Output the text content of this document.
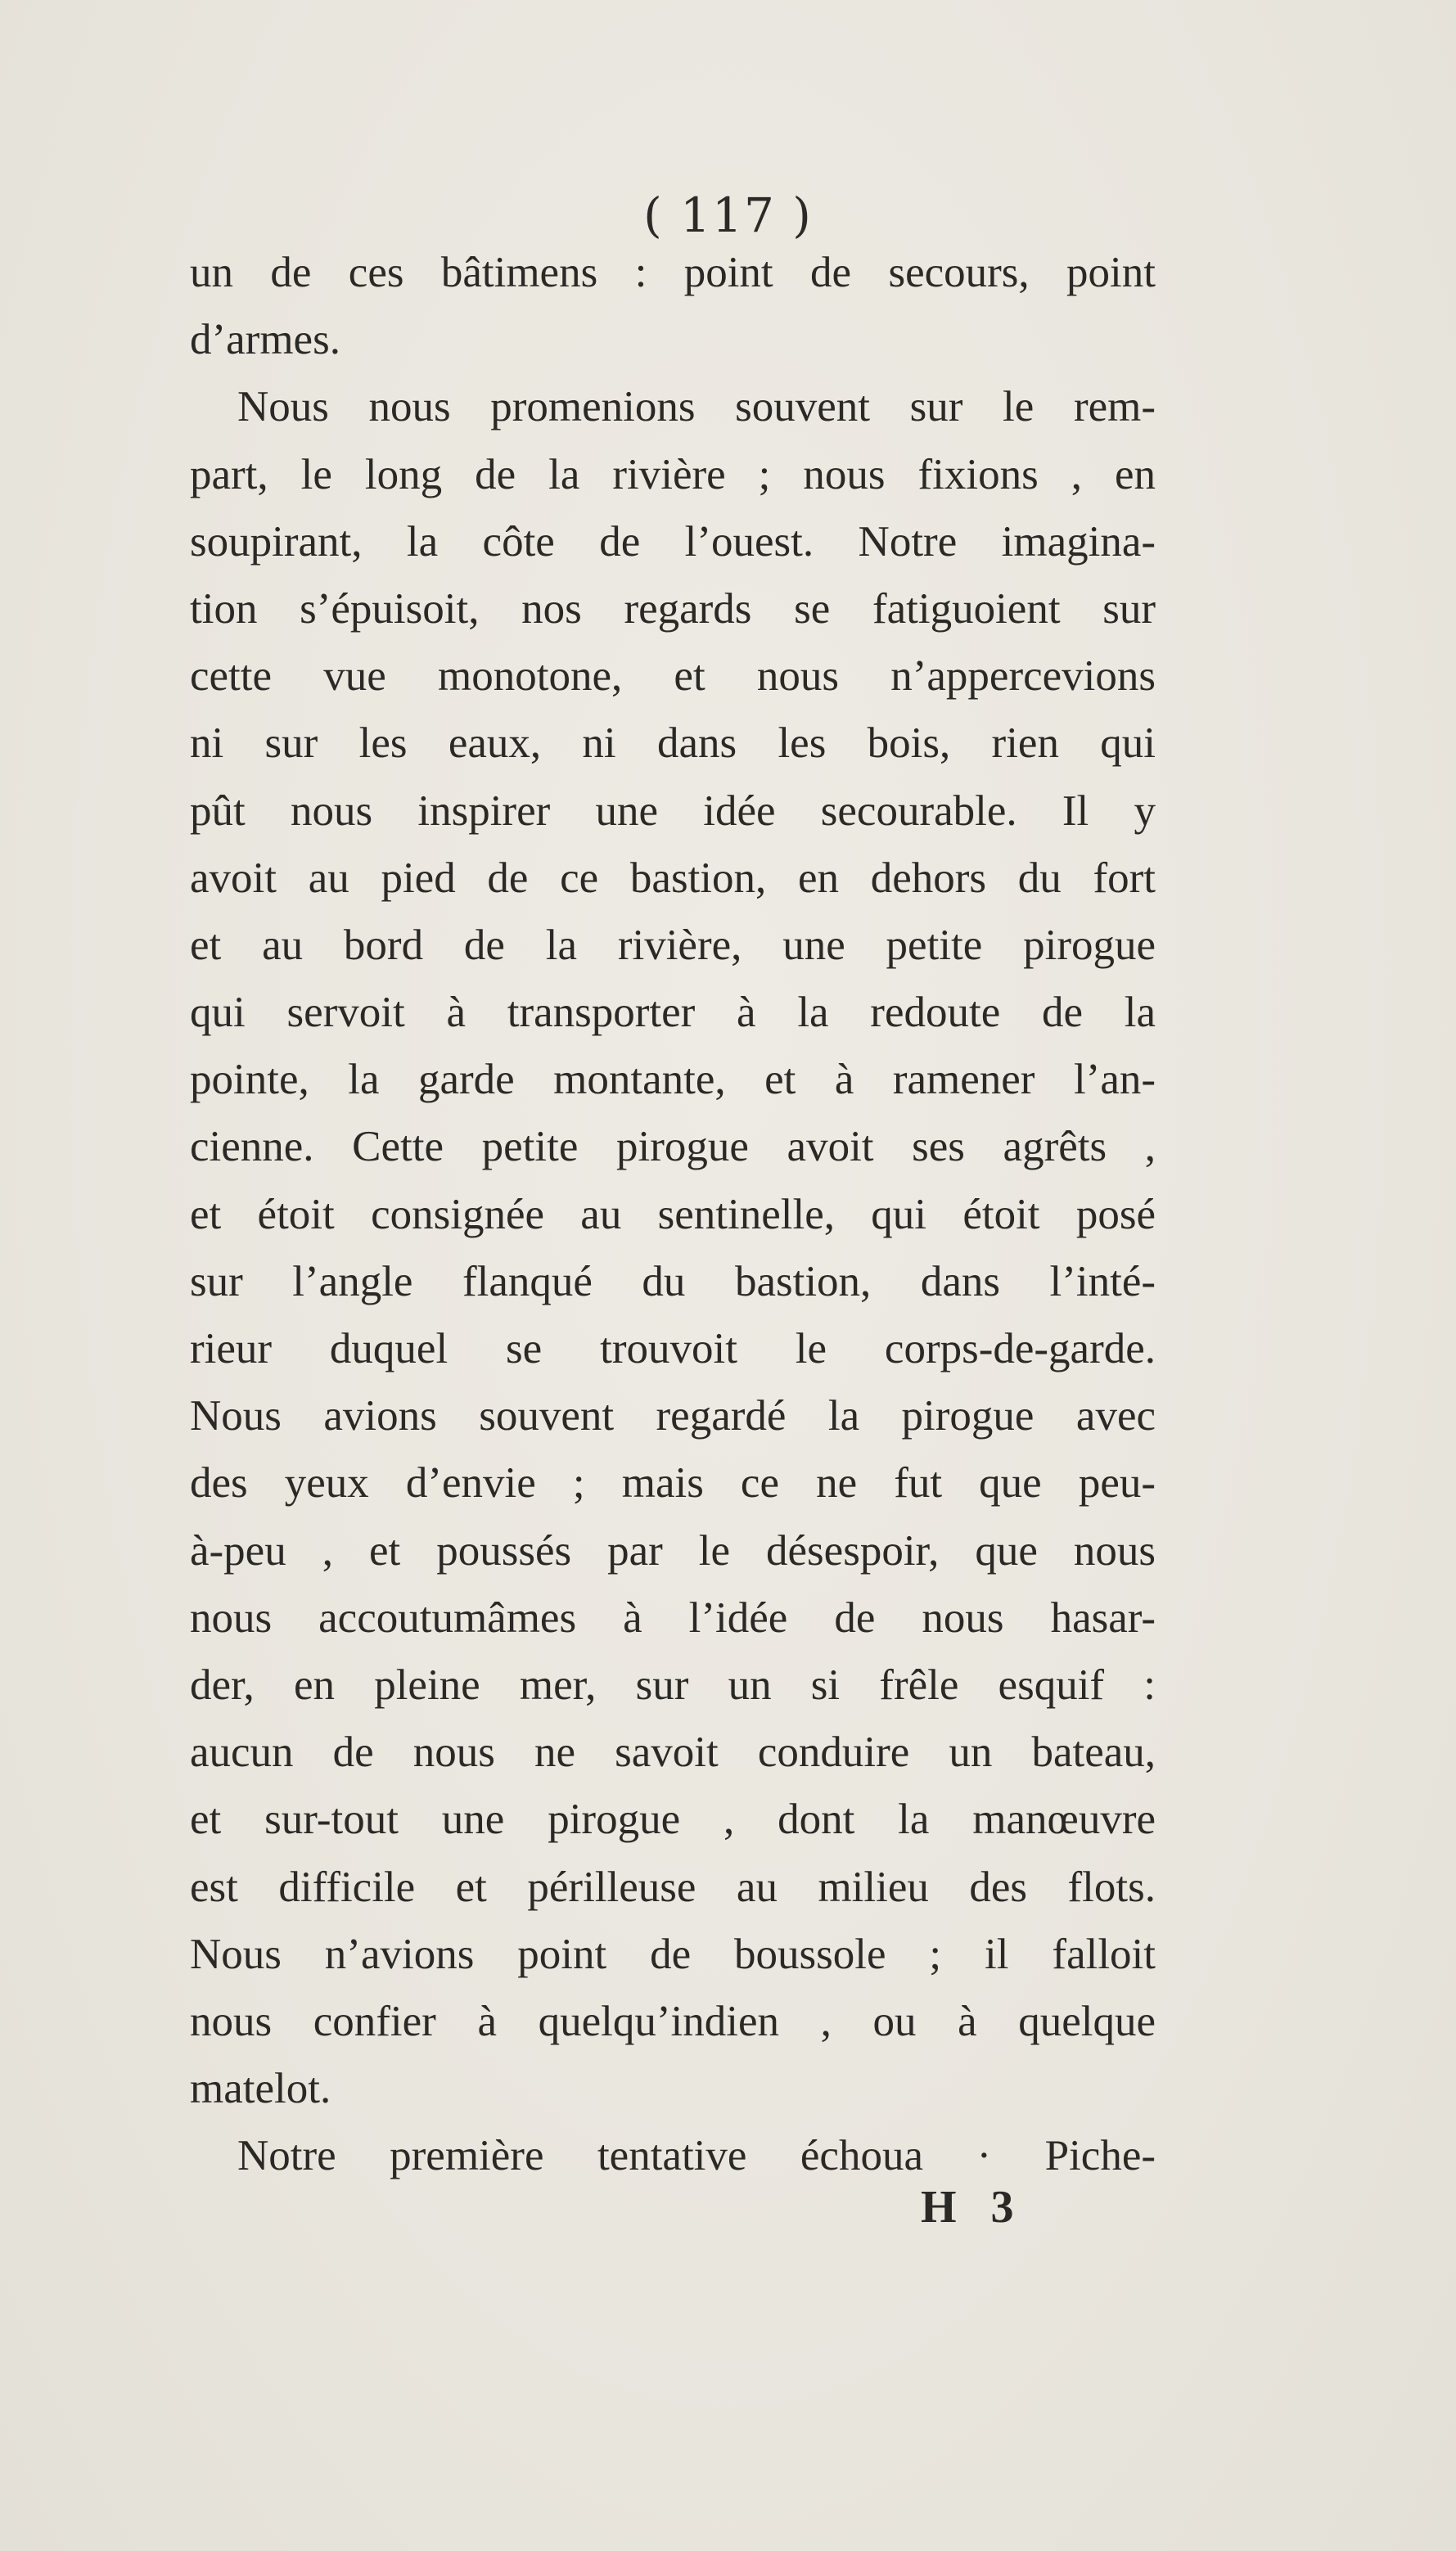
( 117 )
un de ces bâtimens : point de secours, point
d’armes.
Nous nous promenions souvent sur le rem-
part, le long de la rivière ; nous fixions , en
soupirant, la côte de l’ouest. Notre imagina-
tion s’épuisoit, nos regards se fatiguoient sur
cette vue monotone, et nous n’appercevions
ni sur les eaux, ni dans les bois, rien qui
pût nous inspirer une idée secourable. Il y
avoit au pied de ce bastion, en dehors du fort
et au bord de la rivière, une petite pirogue
qui servoit à transporter à la redoute de la
pointe, la garde montante, et à ramener l’an-
cienne. Cette petite pirogue avoit ses agrêts ,
et étoit consignée au sentinelle, qui étoit posé
sur l’angle flanqué du bastion, dans l’inté-
rieur duquel se trouvoit le corps-de-garde.
Nous avions souvent regardé la pirogue avec
des yeux d’envie ; mais ce ne fut que peu-
à-peu , et poussés par le désespoir, que nous
nous accoutumâmes à l’idée de nous hasar-
der, en pleine mer, sur un si frêle esquif :
aucun de nous ne savoit conduire un bateau,
et sur-tout une pirogue , dont la manœuvre
est difficile et périlleuse au milieu des flots.
Nous n’avions point de boussole ; il falloit
nous confier à quelqu’indien , ou à quelque
matelot.
Notre première tentative échoua · Piche-
H 3
